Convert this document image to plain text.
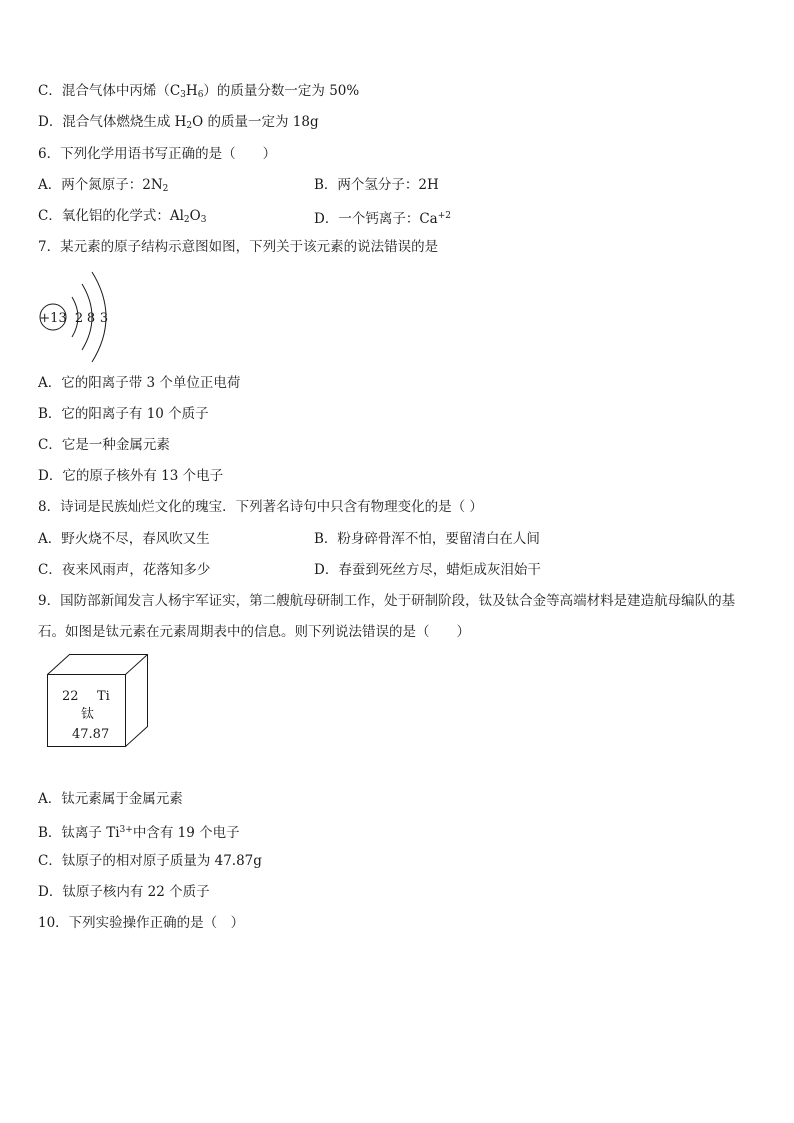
C．混合气体中丙烯$(C_3H_6)$的质量分数一定为 50%
D．混合气体燃烧生成 $H_2O$ 的质量一定为 18g
6．下列化学用语书写正确的是（　　）
A．两个氮原子：$2N_2$	B．两个氢分子：2H
C．氧化铝的化学式：$Al_2O_3$	D．一个钙离子：$Ca^{+2}$
7．某元素的原子结构示意图如图，下列关于该元素的说法错误的是
+13 2 8 3
A．它的阳离子带 3 个单位正电荷
B．它的阳离子有 10 个质子
C．它是一种金属元素
D．它的原子核外有 13 个电子
8．诗词是民族灿烂文化的瑰宝．下列著名诗句中只含有物理变化的是（ ）
A．野火烧不尽，春风吹又生	B．粉身碎骨浑不怕，要留清白在人间
C．夜来风雨声，花落知多少	D．春蚕到死丝方尽，蜡炬成灰泪始干
9．国防部新闻发言人杨宇军证实，第二艘航母研制工作，处于研制阶段，钛及钛合金等高端材料是建造航母编队的基
石。如图是钛元素在元素周期表中的信息。则下列说法错误的是（　　）
22 Ti
钛
47.87
A．钛元素属于金属元素
B．钛离子 $Ti^{3+}$中含有 19 个电子
C．钛原子的相对原子质量为 47.87g
D．钛原子核内有 22 个质子
10．下列实验操作正确的是（　）
